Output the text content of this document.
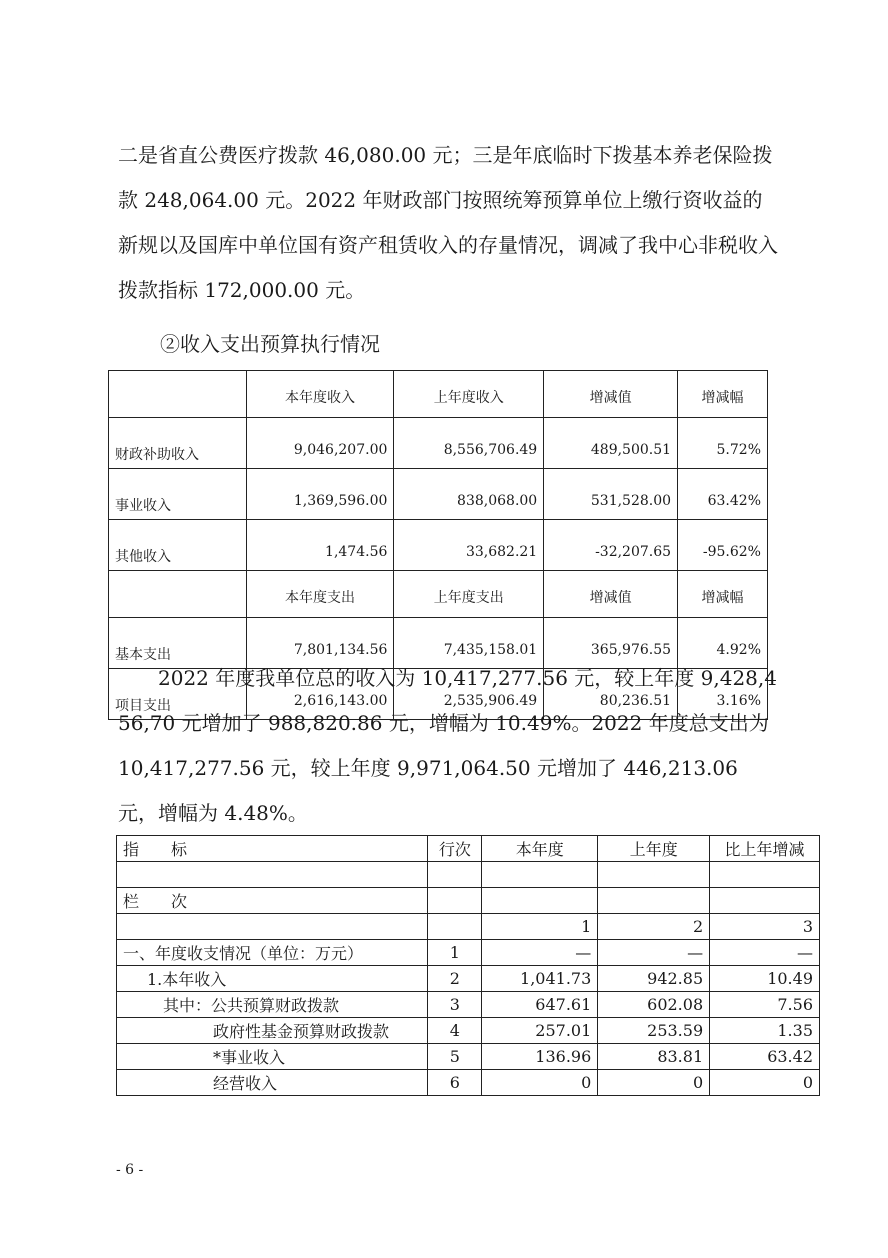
二是省直公费医疗拨款 46,080.00 元；三是年底临时下拨基本养老保险拨款 248,064.00 元。2022 年财政部门按照统筹预算单位上缴行资收益的新规以及国库中单位国有资产租赁收入的存量情况，调减了我中心非税收入拨款指标 172,000.00 元。

②收入支出预算执行情况

	本年度收入	上年度收入	增减值	增减幅
财政补助收入	9,046,207.00	8,556,706.49	489,500.51	5.72%
事业收入	1,369,596.00	838,068.00	531,528.00	63.42%
其他收入	1,474.56	33,682.21	-32,207.65	-95.62%
	本年度支出	上年度支出	增减值	增减幅
基本支出	7,801,134.56	7,435,158.01	365,976.55	4.92%
项目支出	2,616,143.00	2,535,906.49	80,236.51	3.16%

2022 年度我单位总的收入为 10,417,277.56 元，较上年度 9,428,456,70 元增加了 988,820.86 元，增幅为 10.49%。2022 年度总支出为 10,417,277.56 元，较上年度 9,971,064.50 元增加了 446,213.06 元，增幅为 4.48%。

指　　标	行次	本年度	上年度	比上年增减

栏　　次				
		1	2	3
一、年度收支情况（单位：万元）	1	—	—	—
1.本年收入	2	1,041.73	942.85	10.49
其中：公共预算财政拨款	3	647.61	602.08	7.56
政府性基金预算财政拨款	4	257.01	253.59	1.35
*事业收入	5	136.96	83.81	63.42
经营收入	6	0	0	0
- 6 -
